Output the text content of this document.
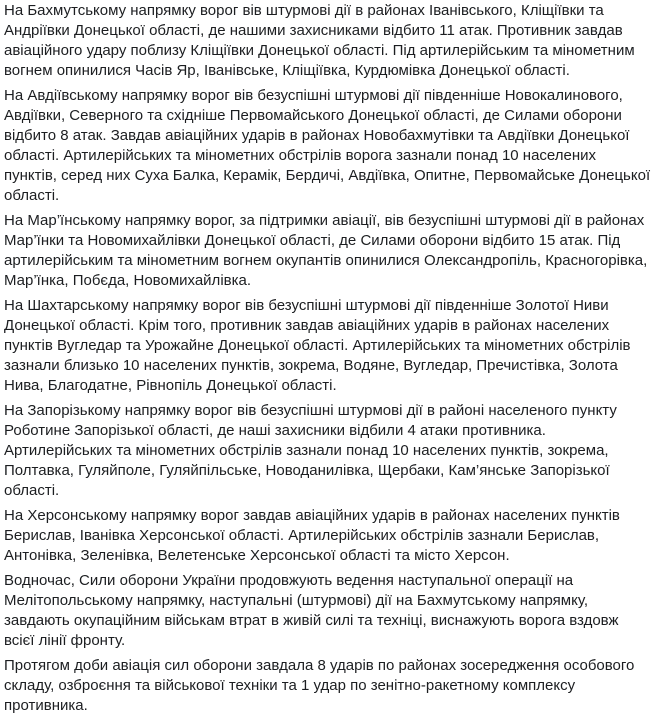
На Бахмутському напрямку ворог вів штурмові дії в районах Іванівського, Кліщіївки та Андріївки Донецької області, де нашими захисниками відбито 11 атак. Противник завдав авіаційного удару поблизу Кліщіївки Донецької області. Під артилерійським та мінометним вогнем опинилися Часів Яр, Іванівське, Кліщіївка, Курдюмівка Донецької області.

На Авдіївському напрямку ворог вів безуспішні штурмові дії південніше Новокалинового, Авдіївки, Северного та східніше Первомайського Донецької області, де Силами оборони відбито 8 атак. Завдав авіаційних ударів в районах Новобахмутівки та Авдіївки Донецької області. Артилерійських та мінометних обстрілів ворога зазнали понад 10 населених пунктів, серед них Суха Балка, Керамік, Бердичі, Авдіївка, Опитне, Первомайське Донецької області.

На Мар’їнському напрямку ворог, за підтримки авіації, вів безуспішні штурмові дії в районах Мар’їнки та Новомихайлівки Донецької області, де Силами оборони відбито 15 атак. Під артилерійським та мінометним вогнем окупантів опинилися Олександропіль, Красногорівка, Мар’їнка, Побєда, Новомихайлівка.

На Шахтарському напрямку ворог вів безуспішні штурмові дії південніше Золотої Ниви Донецької області. Крім того, противник завдав авіаційних ударів в районах населених пунктів Вугледар та Урожайне Донецької області. Артилерійських та мінометних обстрілів зазнали близько 10 населених пунктів, зокрема, Водяне, Вугледар, Пречистівка, Золота Нива, Благодатне, Рівнопіль Донецької області.

На Запорізькому напрямку ворог вів безуспішні штурмові дії в районі населеного пункту Роботине Запорізької області, де наші захисники відбили 4 атаки противника. Артилерійських та мінометних обстрілів зазнали понад 10 населених пунктів, зокрема, Полтавка, Гуляйполе, Гуляйпільське, Новоданилівка, Щербаки, Кам’янське Запорізької області.

На Херсонському напрямку ворог завдав авіаційних ударів в районах населених пунктів Берислав, Іванівка Херсонської області. Артилерійських обстрілів зазнали Берислав, Антонівка, Зеленівка, Велетенське Херсонської області та місто Херсон.

Водночас, Сили оборони України продовжують ведення наступальної операції на Мелітопольському напрямку, наступальні (штурмові) дії на Бахмутському напрямку, завдають окупаційним військам втрат в живій силі та техніці, виснажують ворога вздовж всієї лінії фронту.

Протягом доби авіація сил оборони завдала 8 ударів по районах зосередження особового складу, озброєння та військової техніки та 1 удар по зенітно-ракетному комплексу противника.
